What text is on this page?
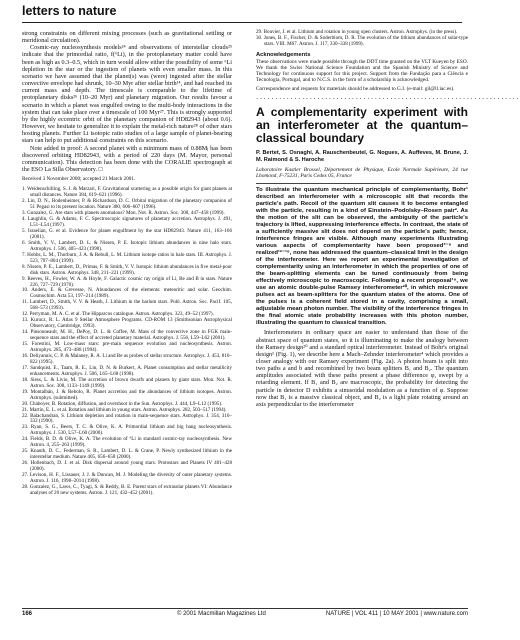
letters to nature

strong constraints on different mixing processes (such as gravitational settling or meridional circulation).

Cosmic-ray nucleosynthesis models²⁴ and observations of interstellar clouds²⁵ indicate that the primordial ratio, f(⁶Li), in the protoplanetary matter could have been as high as 0.3–0.5, which in turn would allow either the possibility of some ⁶Li depletion in the star or the ingestion of planets with even smaller mass. In this scenario we have assumed that the planet(s) was (were) ingested after the stellar convective envelope had shrunk, 10–30 Myr after stellar birth¹⁴, and had reached its current mass and depth. The timescale is comparable to the lifetime of protoplanetary disks²⁶ (10–20 Myr) and planetary migration. Our results favour a scenario in which a planet was engulfed owing to the multi-body interactions in the system that can take place over a timescale of 100 Myr²⁷. This is strongly supported by the highly eccentric orbit of the planetary companion of HD82943 (about 0.6). However, we hesitate to generalize it to explain the metal-rich nature²⁸ of other stars hosting planets. Further Li isotopic ratio studies of a large sample of planet-bearing stars can help to put additional constraints on this scenario.

Note added in proof: A second planet with a minimum mass of 0.88Mⱼ has been discovered orbiting HD82943, with a period of 220 days (M. Mayor, personal communication). This detection has been done with the CORALIE spectrograph at the ESO La Silla Observatory. □

Received 3 November 2000; accepted 21 March 2001.
1. Weidenschilling, S. J. & Marzari, F. Gravitational scattering as a possible origin for giant planets at small distances. Nature 384, 619–621 (1996).
2. Lin, D. N., Bodenheimer, P. & Richardson, D. C. Orbital migration of the planetary companion of 51 Pegasi to its present location. Nature 380, 606–607 (1996).
3. Gonzalez, G. Are stars with planets anomalous? Mon. Not. R. Astron. Soc. 308, 447–458 (1999).
4. Laughlin, G. & Adams, F. C. Spectroscopic signatures of planetary accretion. Astrophys. J. 491, L51–L54 (1997).
5. Israelian, G. et al. Evidence for planet engulfment by the star HD82943. Nature 411, 163–166 (2001).
6. Smith, V. V., Lambert, D. L. & Nissen, P. E. Isotopic lithium abundances in nine halo stars. Astrophys. J. 506, 405–423 (1998).
7. Hobbs, L. M., Thorburn, J. A. & Rebull, L. M. Lithium isotope ratios in halo stars. III. Astrophys. J. 523, 797–804 (1999).
8. Nissen, P. E., Lambert, D., Primas, F. & Smith, V. V. Isotopic lithium abundances in five metal-poor disk stars. Astron. Astrophys. 348, 211–221 (1999).
9. Reeves, H., Fowler, W. A. & Hoyle, F. Galactic cosmic ray origin of Li, Be and B in stars. Nature 226, 727–729 (1970).
10. Anders, E. & Grevesse, N. Abundances of the elements: meteoritic and solar. Geochim. Cosmochim. Acta 53, 197–214 (1989).
11. Lambert, D., Smith, V. V. & Heath, J. Lithium in the barium stars. Publ. Astron. Soc. Pacif. 105, 568–573 (1993).
12. Perryman, M. A. C. et al. The Hipparcos catalogue. Astron. Astrophys. 323, 49–52 (1997).
13. Kurucz, R. L. Atlas 9 Stellar Atmosphere Programs. CD-ROM 13 (Smithsonian Astrophysical Observatory, Cambridge, 1993).
14. Pinsonneault, M. H., DePoy, D. L. & Coffee, M. Mass of the convective zone in FGK main-sequence stars and the effect of accreted planetary material. Astrophys. J. 556, L59–L62 (2001).
15. Forestini, M. Low-mass stars: pre-main sequence evolution and nucleosynthesis. Astron. Astrophys. 285, 473–488 (1994).
16. Deliyannis, C. P. & Malaney, R. A. Li and Be as probes of stellar structure. Astrophys. J. 453, 810–822 (1995).
17. Sandquist, E., Taam, R. E., Lin, D. N. & Burkert, A. Planet consumption and stellar metallicity enhancements. Astrophys. J. 506, L65–L68 (1998).
18. Siess, L. & Livio, M. The accretion of brown dwarfs and planets by giant stars. Mon. Not. R. Astron. Soc. 308, 1133–1149 (1999).
19. Montalbán, J. & Rebolo, R. Planet accretion and the abundances of lithium isotopes. Astron. Astrophys. (submitted).
20. Chaboyer, B. Rotation, diffusion, and overshoot in the Sun. Astrophys. J. 444, L9–L12 (1995).
21. Martín, E. L. et al. Rotation and lithium in young stars. Astron. Astrophys. 282, 503–517 (1994).
22. Balachandran, S. Lithium depletion and rotation in main-sequence stars. Astrophys. J. 354, 310–332 (1990).
23. Ryan, S. G., Beers, T. C. & Olive, K. A. Primordial lithium and big bang nucleosynthesis. Astrophys. J. 530, L57–L60 (2000).
24. Fields, B. D. & Olive, K. A. The evolution of ⁶Li in standard cosmic-ray nucleosynthesis. New Astron. 4, 255–263 (1999).
25. Knauth, D. C., Federman, S. R., Lambert, D. L. & Crane, P. Newly synthesized lithium in the interstellar medium. Nature 405, 656–658 (2000).
26. Hollenbach, D. J. et al. Disk dispersal around young stars. Protostars and Planets IV 401–428 (2000).
27. Levison, H. F., Lissauer, J. J. & Duncan, M. J. Modeling the diversity of outer planetary systems. Astron. J. 116, 1998–2014 (1998).
28. Gonzalez, G., Laws, C., Tyagi, S. & Reddy, B. E. Parent stars of extrasolar planets VI: Abundance analyses of 20 new systems. Astron. J. 121, 432–452 (2001).
29. Bouvier, J. et al. Lithium and rotation in young open clusters. Astron. Astrophys. (in the press).
30. Jones, B. F., Fischer, D. & Soderblom, D. R. The evolution of the lithium abundances of solar-type stars. VIII. M67. Astron. J. 117, 330–338 (1999).
Acknowledgements
These observations were made possible through the DDT time granted on the VLT Kueyen by ESO. We thank the Swiss National Science Foundation and the Spanish Ministry of Science and Technology for continuous support for this project. Support from the Fundação para a Ciência e Tecnologia, Portugal, and to N.C.S. in the form of a scholarship is acknowledged.
Correspondence and requests for materials should be addressed to G.I. (e-mail: gil@ll.iac.es).
·····································································
A complementarity experiment with an interferometer at the quantum–classical boundary
P. Bertet, S. Osnaghi, A. Rauschenbeutel, G. Nogues, A. Auffeves, M. Brune, J. M. Raimond & S. Haroche
Laboratoire Kastler Brossel, Département de Physique, Ecole Normale Supérieure, 24 rue Lhomond, F-75231, Paris Cedex 05, France
To illustrate the quantum mechanical principle of complementarity, Bohr¹ described an interferometer with a microscopic slit that records the particle's path. Recoil of the quantum slit causes it to become entangled with the particle, resulting in a kind of Einstein–Podolsky–Rosen pair². As the motion of the slit can be observed, the ambiguity of the particle's trajectory is lifted, suppressing interference effects. In contrast, the state of a sufficiently massive slit does not depend on the particle's path; hence, interference fringes are visible. Although many experiments illustrating various aspects of complementarity have been proposed³⁻⁸ and realized¹²⁻¹⁸, none has addressed the quantum–classical limit in the design of the interferometer. Here we report an experimental investigation of complementarity using an interferometer in which the properties of one of the beam-splitting elements can be tuned continuously from being effectively microscopic to macroscopic. Following a recent proposal¹⁹, we use an atomic double-pulse Ramsey interferometer²⁰, in which microwave pulses act as beam-splitters for the quantum states of the atoms. One of the pulses is a coherent field stored in a cavity, comprising a small, adjustable mean photon number. The visibility of the interference fringes in the final atomic state probability increases with this photon number, illustrating the quantum to classical transition.

Interferometers in ordinary space are easier to understand than those of the abstract space of quantum states, so it is illuminating to make the analogy between the Ramsey design²⁰ and a standard optical interferometer. Instead of Bohr's original design¹ (Fig. 1), we describe here a Mach–Zehnder interferometer⁴ which provides a closer analogy with our Ramsey experiment (Fig. 2a). A photon beam is split into two paths a and b and recombined by two beam splitters B₁ and B₂. The quantum amplitudes associated with these paths present a phase difference φ, swept by a retarding element. If B₁ and B₂ are macroscopic, the probability for detecting the particle in detector D exhibits a sinusoidal modulation as a function of φ. Suppose now that B₁ is a massive classical object, and B₂ is a light plate rotating around an axis perpendicular to the interferometer

166	© 2001 Macmillan Magazines Ltd	NATURE | VOL 411 | 10 MAY 2001 | www.nature.com
